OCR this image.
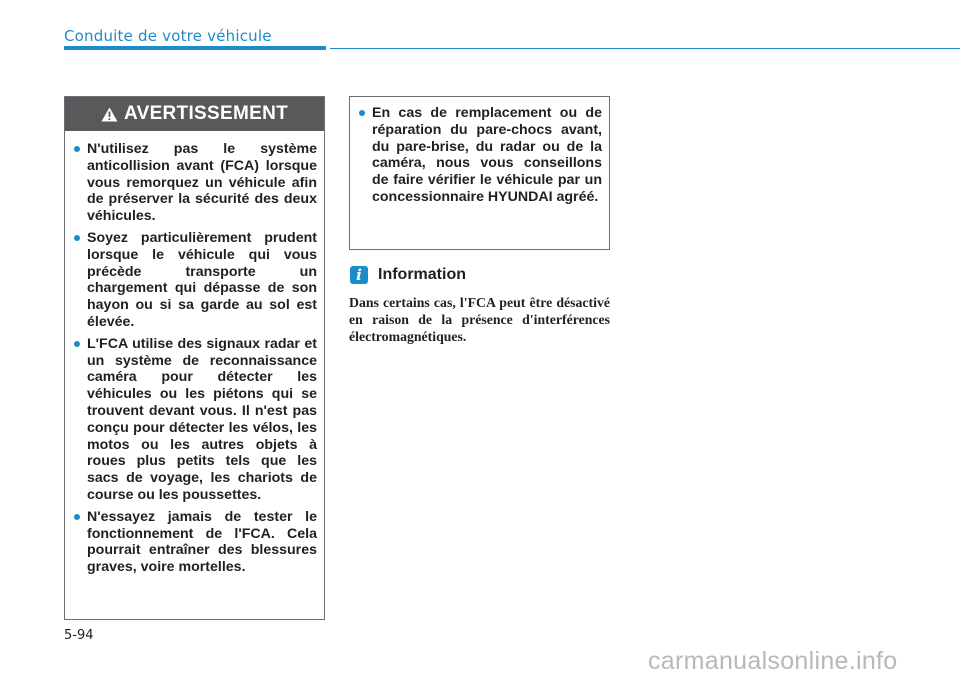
Conduite de votre véhicule
AVERTISSEMENT
N'utilisez pas le système anticollision avant (FCA) lorsque vous remorquez un véhicule afin de préserver la sécurité des deux véhicules.
Soyez particulièrement prudent lorsque le véhicule qui vous précède transporte un chargement qui dépasse de son hayon ou si sa garde au sol est élevée.
L'FCA utilise des signaux radar et un système de reconnaissance caméra pour détecter les véhicules ou les piétons qui se trouvent devant vous. Il n'est pas conçu pour détecter les vélos, les motos ou les autres objets à roues plus petits tels que les sacs de voyage, les chariots de course ou les poussettes.
N'essayez jamais de tester le fonctionnement de l'FCA. Cela pourrait entraîner des blessures graves, voire mortelles.
En cas de remplacement ou de réparation du pare-chocs avant, du pare-brise, du radar ou de la caméra, nous vous conseillons de faire vérifier le véhicule par un concessionnaire HYUNDAI agréé.
i	Information
Dans certains cas, l'FCA peut être désactivé en raison de la présence d'interférences électromagnétiques.
5-94
carmanualsonline.info
